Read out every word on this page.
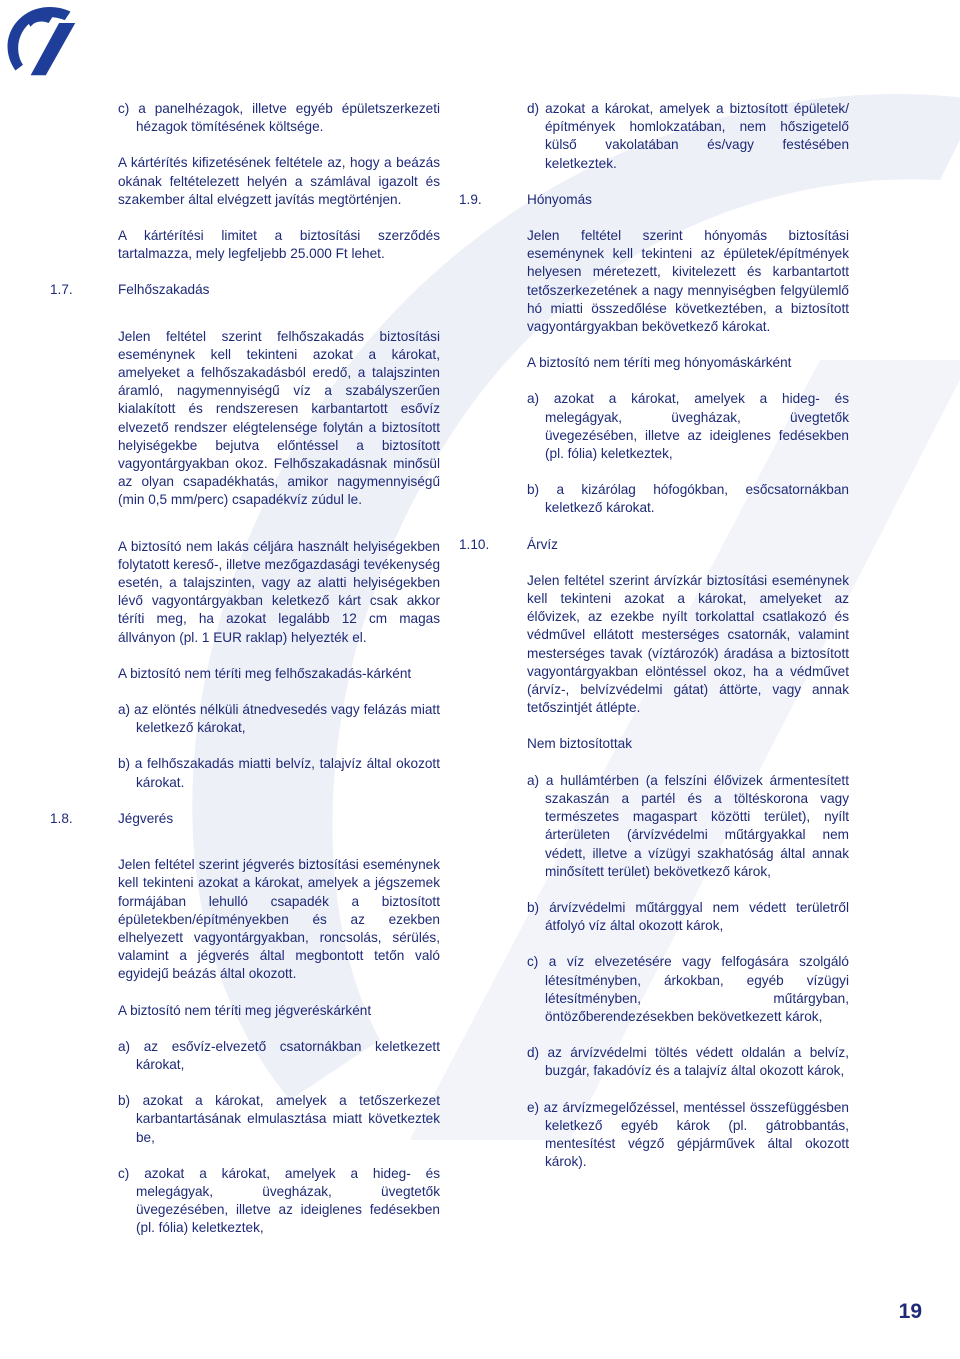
c) a panelhézagok, illetve egyéb épületszerkezeti hézagok tömítésének költsége.

A kártérítés kifizetésének feltétele az, hogy a beázás okának feltételezett helyén a számlával igazolt és szakember által elvégzett javítás megtörténjen.

A kártérítési limitet a biztosítási szerződés tartalmazza, mely legfeljebb 25.000 Ft lehet.

1.7.	Felhőszakadás

Jelen feltétel szerint felhőszakadás biztosítási eseménynek kell tekinteni azokat a károkat, amelyeket a felhőszakadásból eredő, a talajszinten áramló, nagymennyiségű víz a szabályszerűen kialakított és rendszeresen karbantartott esővíz elvezető rendszer elégtelensége folytán a biztosított helyiségekbe bejutva előntéssel a biztosított vagyontárgyakban okoz. Felhőszakadásnak minősül az olyan csapadékhatás, amikor nagymennyiségű (min 0,5 mm/perc) csapadékvíz zúdul le.

A biztosító nem lakás céljára használt helyiségekben folytatott kereső-, illetve mezőgazdasági tevékenység esetén, a talajszinten, vagy az alatti helyiségekben lévő vagyontárgyakban keletkező kárt csak akkor téríti meg, ha azokat legalább 12 cm magas állványon (pl. 1 EUR raklap) helyezték el.

A biztosító nem téríti meg felhőszakadás-kárként

a) az elöntés nélküli átnedvesedés vagy felázás miatt keletkező károkat,

b) a felhőszakadás miatti belvíz, talajvíz által okozott károkat.

1.8.	Jégverés

Jelen feltétel szerint jégverés biztosítási eseménynek kell tekinteni azokat a károkat, amelyek a jégszemek formájában lehulló csapadék a biztosított épületekben/építményekben és az ezekben elhelyezett vagyontárgyakban, roncsolás, sérülés, valamint a jégverés által megbontott tetőn való egyidejű beázás által okozott.

A biztosító nem téríti meg jégveréskárként

a) az esővíz-elvezető csatornákban keletkezett károkat,

b) azokat a károkat, amelyek a tetőszerkezet karbantartásának elmulasztása miatt következtek be,

c) azokat a károkat, amelyek a hideg- és melegágyak, üvegházak, üvegtetők üvegezésében, illetve az ideiglenes fedésekben (pl. fólia) keletkeztek,

d) azokat a károkat, amelyek a biztosított épületek/építmények homlokzatában, nem hőszigetelő külső vakolatában és/vagy festésében keletkeztek.

1.9.	Hónyomás

Jelen feltétel szerint hónyomás biztosítási eseménynek kell tekinteni az épületek/építmények helyesen méretezett, kivitelezett és karbantartott tetőszerkezetének a nagy mennyiségben felgyülemlő hó miatti összedőlése következtében, a biztosított vagyontárgyakban bekövetkező károkat.

A biztosító nem téríti meg hónyomáskárként

a) azokat a károkat, amelyek a hideg- és melegágyak, üvegházak, üvegtetők üvegezésében, illetve az ideiglenes fedésekben (pl. fólia) keletkeztek,

b) a kizárólag hófogókban, esőcsatornákban keletkező károkat.

1.10.	Árvíz

Jelen feltétel szerint árvízkár biztosítási eseménynek kell tekinteni azokat a károkat, amelyeket az élővizek, az ezekbe nyílt torkolattal csatlakozó és védművel ellátott mesterséges csatornák, valamint mesterséges tavak (víztározók) áradása a biztosított vagyontárgyakban elöntéssel okoz, ha a védművet (árvíz-, belvízvédelmi gátat) áttörte, vagy annak tetőszintjét átlépte.

Nem biztosítottak

a) a hullámtérben (a felszíni élővizek ármentesített szakaszán a partél és a töltéskorona vagy természetes magaspart közötti terület), nyílt árterületen (árvízvédelmi műtárgyakkal nem védett, illetve a vízügyi szakhatóság által annak minősített terület) bekövetkező károk,

b) árvízvédelmi műtárggyal nem védett területről átfolyó víz által okozott károk,

c) a víz elvezetésére vagy felfogására szolgáló létesítményben, árkokban, egyéb vízügyi létesítményben, műtárgyban, öntözőberendezésekben bekövetkezett károk,

d) az árvízvédelmi töltés védett oldalán a belvíz, buzgár, fakadóvíz és a talajvíz által okozott károk,

e) az árvízmegelőzéssel, mentéssel összefüggésben keletkező egyéb károk (pl. gátrobbantás, mentesítést végző gépjárművek által okozott károk).

19
